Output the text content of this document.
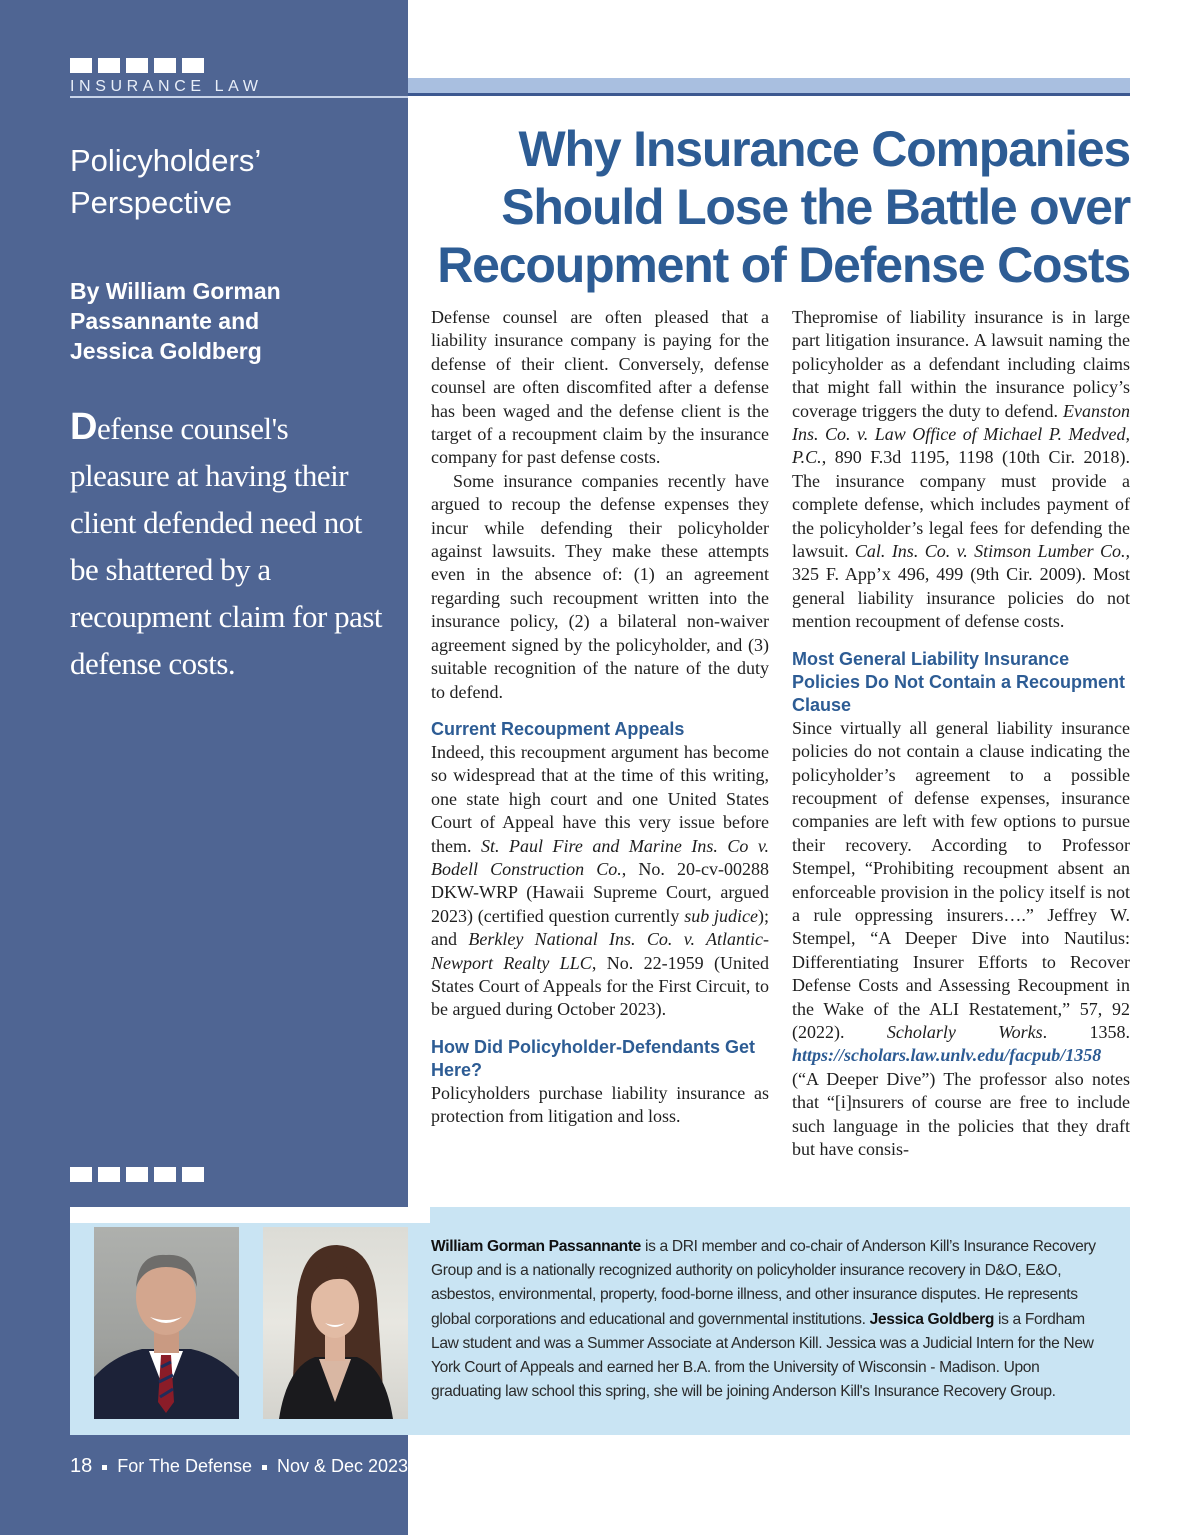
INSURANCE LAW
Policyholders’
Perspective
By William Gorman
Passannante and
Jessica Goldberg
Defense counsel's pleasure at having their client defended need not be shattered by a recoupment claim for past defense costs.
Why Insurance Companies
Should Lose the Battle over
Recoupment of Defense Costs

Defense counsel are often pleased that a liability insurance company is paying for the defense of their client. Conversely, defense counsel are often discomfited after a defense has been waged and the defense client is the target of a recoupment claim by the insurance company for past defense costs.

Some insurance companies recently have argued to recoup the defense expenses they incur while defending their policyholder against lawsuits. They make these attempts even in the absence of: (1) an agreement regarding such recoupment written into the insurance policy, (2) a bilateral non-waiver agreement signed by the policyholder, and (3) suitable recognition of the nature of the duty to defend.

Current Recoupment Appeals

Indeed, this recoupment argument has become so widespread that at the time of this writing, one state high court and one United States Court of Appeal have this very issue before them. St. Paul Fire and Marine Ins. Co v. Bodell Construction Co., No. 20-cv-00288 DKW-WRP (Hawaii Supreme Court, argued 2023) (certified question currently sub judice); and Berkley National Ins. Co. v. Atlantic-Newport Realty LLC, No. 22-1959 (United States Court of Appeals for the First Circuit, to be argued during October 2023).

How Did Policyholder-Defendants Get Here?

Policyholders purchase liability insurance as protection from litigation and loss.

Thepromise of liability insurance is in large part litigation insurance. A lawsuit naming the policyholder as a defendant including claims that might fall within the insurance policy’s coverage triggers the duty to defend. Evanston Ins. Co. v. Law Office of Michael P. Medved, P.C., 890 F.3d 1195, 1198 (10th Cir. 2018). The insurance company must provide a complete defense, which includes payment of the policyholder’s legal fees for defending the lawsuit. Cal. Ins. Co. v. Stimson Lumber Co., 325 F. App’x 496, 499 (9th Cir. 2009). Most general liability insurance policies do not mention recoupment of defense costs.

Most General Liability Insurance Policies Do Not Contain a Recoupment Clause

Since virtually all general liability insurance policies do not contain a clause indicating the policyholder’s agreement to a possible recoupment of defense expenses, insurance companies are left with few options to pursue their recovery. According to Professor Stempel, “Prohibiting recoupment absent an enforceable provision in the policy itself is not a rule oppressing insurers….” Jeffrey W. Stempel, “A Deeper Dive into Nautilus: Differentiating Insurer Efforts to Recover Defense Costs and Assessing Recoupment in the Wake of the ALI Restatement,” 57, 92 (2022). Scholarly Works. 1358. https://scholars.law.unlv.edu/facpub/1358 (“A Deeper Dive”) The professor also notes that “[i]nsurers of course are free to include such language in the policies that they draft but have consis-

William Gorman Passannante is a DRI member and co-chair of Anderson Kill’s Insurance Recovery Group and is a nationally recognized authority on policyholder insurance recovery in D&O, E&O, asbestos, environmental, property, food-borne illness, and other insurance disputes. He represents global corporations and educational and governmental institutions. Jessica Goldberg is a Fordham Law student and was a Summer Associate at Anderson Kill. Jessica was a Judicial Intern for the New York Court of Appeals and earned her B.A. from the University of Wisconsin - Madison. Upon graduating law school this spring, she will be joining Anderson Kill's Insurance Recovery Group.
18 For The Defense Nov & Dec 2023
